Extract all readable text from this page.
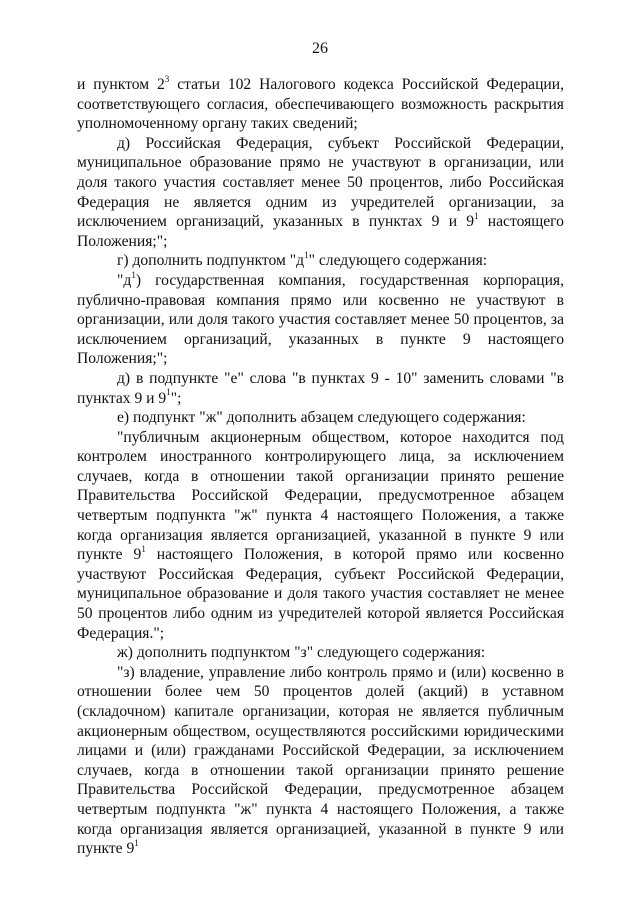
26

и пунктом $2^3$ статьи 102 Налогового кодекса Российской Федерации, соответствующего согласия, обеспечивающего возможность раскрытия уполномоченному органу таких сведений;

д) Российская Федерация, субъект Российской Федерации, муниципальное образование прямо не участвуют в организации, или доля такого участия составляет менее 50 процентов, либо Российская Федерация не является одним из учредителей организации, за исключением организаций, указанных в пунктах 9 и $9^1$ настоящего Положения;";

г) дополнить подпунктом "$д^1$" следующего содержания:

"$д^1$) государственная компания, государственная корпорация, публично-правовая компания прямо или косвенно не участвуют в организации, или доля такого участия составляет менее 50 процентов, за исключением организаций, указанных в пункте 9 настоящего Положения;";

д) в подпункте "е" слова "в пунктах 9 - 10" заменить словами "в пунктах 9 и $9^1$";

е) подпункт "ж" дополнить абзацем следующего содержания:

"публичным акционерным обществом, которое находится под контролем иностранного контролирующего лица, за исключением случаев, когда в отношении такой организации принято решение Правительства Российской Федерации, предусмотренное абзацем четвертым подпункта "ж" пункта 4 настоящего Положения, а также когда организация является организацией, указанной в пункте 9 или пункте $9^1$ настоящего Положения, в которой прямо или косвенно участвуют Российская Федерация, субъект Российской Федерации, муниципальное образование и доля такого участия составляет не менее 50 процентов либо одним из учредителей которой является Российская Федерация.";

ж) дополнить подпунктом "з" следующего содержания:

"з) владение, управление либо контроль прямо и (или) косвенно в отношении более чем 50 процентов долей (акций) в уставном (складочном) капитале организации, которая не является публичным акционерным обществом, осуществляются российскими юридическими лицами и (или) гражданами Российской Федерации, за исключением случаев, когда в отношении такой организации принято решение Правительства Российской Федерации, предусмотренное абзацем четвертым подпункта "ж" пункта 4 настоящего Положения, а также когда организация является организацией, указанной в пункте 9 или пункте $9^1$
